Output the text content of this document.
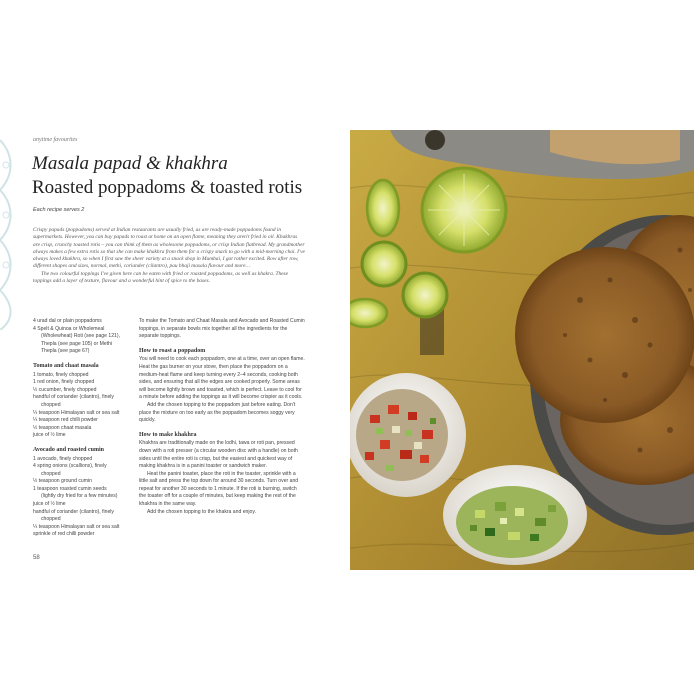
anytime favourites
Masala papad & khakhra
Roasted poppadoms & toasted rotis
Each recipe serves 2

Crispy papads (poppadoms) served at Indian restaurants are usually fried, as are ready-made poppadoms found in supermarkets. However, you can buy papads to roast at home on an open flame, meaning they aren't fried in oil. Khakhras are crisp, crunchy toasted rotis – you can think of them as wholesome poppadoms, or crisp Indian flatbread. My grandmother always makes a few extra rotis so that she can make khakhra from them for a crispy snack to go with a mid-morning chai. I've always loved khakhra, so when I first saw the sheer variety at a snack shop in Mumbai, I got rather excited. Row after row, different shapes and sizes, normal, methi, coriander (cilantro), pau bhaji masala flavour and more…

The two colourful toppings I've given here can be eaten with fried or roasted poppadoms, as well as khakra. These toppings add a layer of texture, flavour and a wonderful hint of spice to the bases.

4 urad dal or plain poppadoms
4 Spelt & Quinoa or Wholemeal
(Wholewheat) Roti (see page 121),
Thepla (see page 105) or Methi
Thepla (see page 67)
Tomato and chaat masala
1 tomato, finely chopped
1 red onion, finely chopped
½ cucumber, finely chopped
handful of coriander (cilantro), finely
chopped
¼ teaspoon Himalayan salt or sea salt
¼ teaspoon red chilli powder
½ teaspoon chaat masala
juice of ½ lime
Avocado and roasted cumin
1 avocado, finely chopped
4 spring onions (scallions), finely
chopped
½ teaspoon ground cumin
1 teaspoon roasted cumin seeds
(lightly dry fried for a few minutes)
juice of ½ lime
handful of coriander (cilantro), finely
chopped
¼ teaspoon Himalayan salt or sea salt
sprinkle of red chilli powder

To make the Tomato and Chaat Masala and Avocado and Roasted Cumin toppings, in separate bowls mix together all the ingredients for the separate toppings.

How to roast a poppadom

You will need to cook each poppadom, one at a time, over an open flame. Heat the gas burner on your stove, then place the poppadom on a medium-heat flame and keep turning every 2–4 seconds, cooking both sides, and ensuring that all the edges are cooked properly. Some areas will become lightly brown and toasted, which is perfect. Leave to cool for a minute before adding the toppings as it will become crispier as it cools.

Add the chosen topping to the poppadom just before eating. Don't place the mixture on too early as the poppadom becomes soggy very quickly.

How to make khakhra

Khakhra are traditionally made on the lodhi, tawa or roti pan, pressed down with a roti presser (a circular wooden disc with a handle) on both sides until the entire roti is crisp, but the easiest and quickest way of making khakhra is in a panini toaster or sandwich maker.

Heat the panini toaster, place the roti in the toaster, sprinkle with a little salt and press the top down for around 30 seconds. Turn over and repeat for another 30 seconds to 1 minute. If the roti is burning, switch the toaster off for a couple of minutes, but keep making the rest of the khakhra in the same way.

Add the chosen topping to the khakra and enjoy.

58
